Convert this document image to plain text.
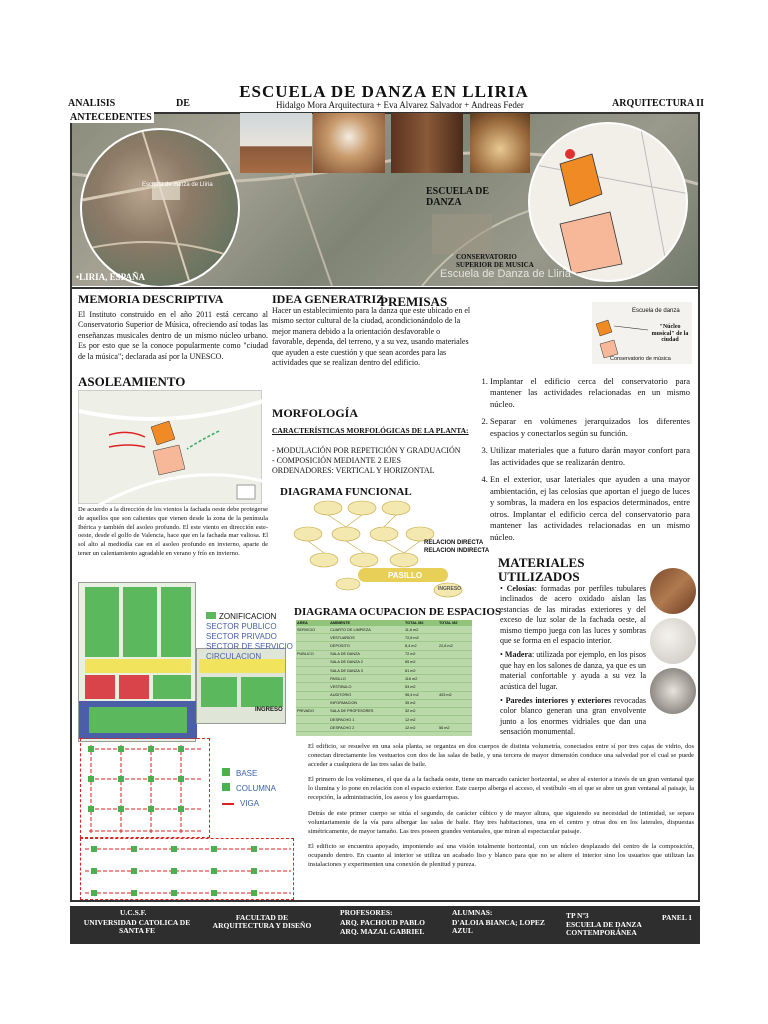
ESCUELA DE DANZA EN LLIRIA
ANALISIS	DE	Hidalgo Mora Arquitectura + Eva Alvarez Salvador + Andreas Feder	ARQUITECTURA II
ANTECEDENTES
Escuela de danza de Llíria
ESCUELA DE DANZA
CONSERVATORIO SUPERIOR DE MUSICA
Escuela de Danza de Lliria
•LIRIA, ESPAÑA
MEMORIA DESCRIPTIVA
El Instituto construido en el año 2011 está cercano al Conservatorio Superior de Música, ofreciendo así todas las enseñanzas musicales dentro de un mismo núcleo urbano. Es por esto que se la conoce popularmente como "ciudad de la música"; declarada así por la UNESCO.
ASOLEAMIENTO
De acuerdo a la dirección de los vientos la fachada oeste debe protegerse de aquellos que son calientes que vienen desde la zona de la península Ibérica y también del asoleo profundo. El este viento en dirección este-oeste, desde el golfo de Valencia, hace que en la fachada mar valiosa. El sol alto al mediodía cae en el asoleo profundo en invierno, aparte de tener un calentamiento agradable en verano y frío en invierno.
IDEA GENERATRIZ
Hacer un establecimiento para la danza que este ubicado en el mismo sector cultural de la ciudad, acondicionándolo de la mejor manera debido a la orientación desfavorable o favorable, dependa, del terreno, y a su vez, usando materiales que ayuden a este cuestión y que sean acordes para las actividades que se realizan dentro del edificio.
PREMISAS
Escuela de danza
"Núcleo musical" de la ciudad
Conservatorio de música
1. Implantar el edificio cerca del conservatorio para mantener las actividades relacionadas en un mismo núcleo.
2. Separar en volúmenes jerarquizados los diferentes espacios y conectarlos según su función.
3. Utilizar materiales que a futuro darán mayor confort para las actividades que se realizarán dentro.
4. En el exterior, usar lateriales que ayuden a una mayor ambientación, ej las celosías que aportan el juego de luces y sombras, la madera en los espacios determinados, entre otros. Implantar el edificio cerca del conservatorio para mantener las actividades relacionadas en un mismo núcleo.
MORFOLOGÍA
CARACTERÍSTICAS MORFOLÓGICAS DE LA PLANTA:
- MODULACIÓN POR REPETICIÓN Y GRADUACIÓN
- COMPOSICIÓN MEDIANTE 2 EJES ORDENADORES: VERTICAL Y HORIZONTAL
DIAGRAMA FUNCIONAL
PASILLO
INGRESO
RELACION DIRECTA
RELACION INDIRECTA
INGRESO
ZONIFICACION
SECTOR PUBLICO
SECTOR PRIVADO
SECTOR DE SERVICIO
CIRCULACION
DIAGRAMA OCUPACION DE ESPACIOS
AREA	AMBIENTE	TOTAL M2	TOTAL M2
SERVICIO	CUARTO DE LIMPIEZA	11,6 m2	
	VESTUARIOS	72,6 m2	
	DEPOSITO	8,4 m2	22,8 m2
PUBLICO	SALA DE DANZA	72 m2	
	SALA DE DANZA 2	65 m2	
	SALA DE DANZA 3	81 m2	
	PASILLO	116 m2	
	VESTIBULO	53 m2	
	AUDITORIO	96,4 m2	403 m2
	INFORMACION	35 m2	
PRIVADO	SALA DE PROFESORES	32 m2	
	DESPACHO 1	12 m2	
	DESPACHO 2	12 m2	56 m2
MATERIALES UTILIZADOS
• Celosías: formadas por perfiles tubulares inclinados de acero oxidado aíslan las estancias de las miradas exteriores y del exceso de luz solar de la fachada oeste, al mismo tiempo juega con las luces y sombras que se forma en el espacio interior.
• Madera: utilizada por ejemplo, en los pisos que hay en los salones de danza, ya que es un material confortable y ayuda a su vez la acústica del lugar.
• Paredes interiores y exteriores revocadas color blanco generan una gran envolvente junto a los enormes vidriales que dan una sensación monumental.
BASE
COLUMNA
VIGA

El edificio, se resuelve en una sola planta, se organiza en dos cuerpos de distinta volumetría, conectados entre sí por tres cajas de vidrio, dos conectan directamente los vestuarios con dos de las salas de baile, y una tercera de mayor dimensión conduce una salvedad por el cual se puede acceder a cualquiera de las tres salas de baile.

El primero de los volúmenes, el que da a la fachada oeste, tiene un marcado carácter horizontal, se abre al exterior a través de un gran ventanal que lo ilumina y lo pone en relación con el espacio exterior. Este cuerpo alberga el acceso, el vestíbulo -en el que se abre un gran ventanal al paisaje, la recepción, la administración, los aseos y los guardarropas.

Detrás de este primer cuerpo se sitúa el segundo, de carácter cúbico y de mayor altura, que siguiendo su necesidad de intimidad, se separa voluntariamente de la vía para albergar las salas de baile. Hay tres habitaciones, una en el centro y otras dos en los laterales, dispuestas simétricamente, de mayor tamaño. Las tres poseen grandes ventanales, que miran al espectacular paisaje.

El edificio se encuentra apoyado, imponiendo así una visión totalmente horizontal, con un núcleo desplazado del centro de la composición, ocupando dentro. En cuanto al interior se utiliza un acabado liso y blanco para que no se altere el interior sino los usuarios que utilizan las instalaciones y experimenten una conexión de plenitud y pureza.

U.C.S.F.
UNIVERSIDAD CATOLICA DE SANTA FE
FACULTAD DE ARQUITECTURA Y DISEÑO
PROFESORES:
ARQ. PACHOUD PABLO
ARQ. MAZAL GABRIEL
ALUMNAS:
D'ALOIA BIANCA; LOPEZ AZUL
TP Nº3
ESCUELA DE DANZA CONTEMPORÁNEA
PANEL 1
